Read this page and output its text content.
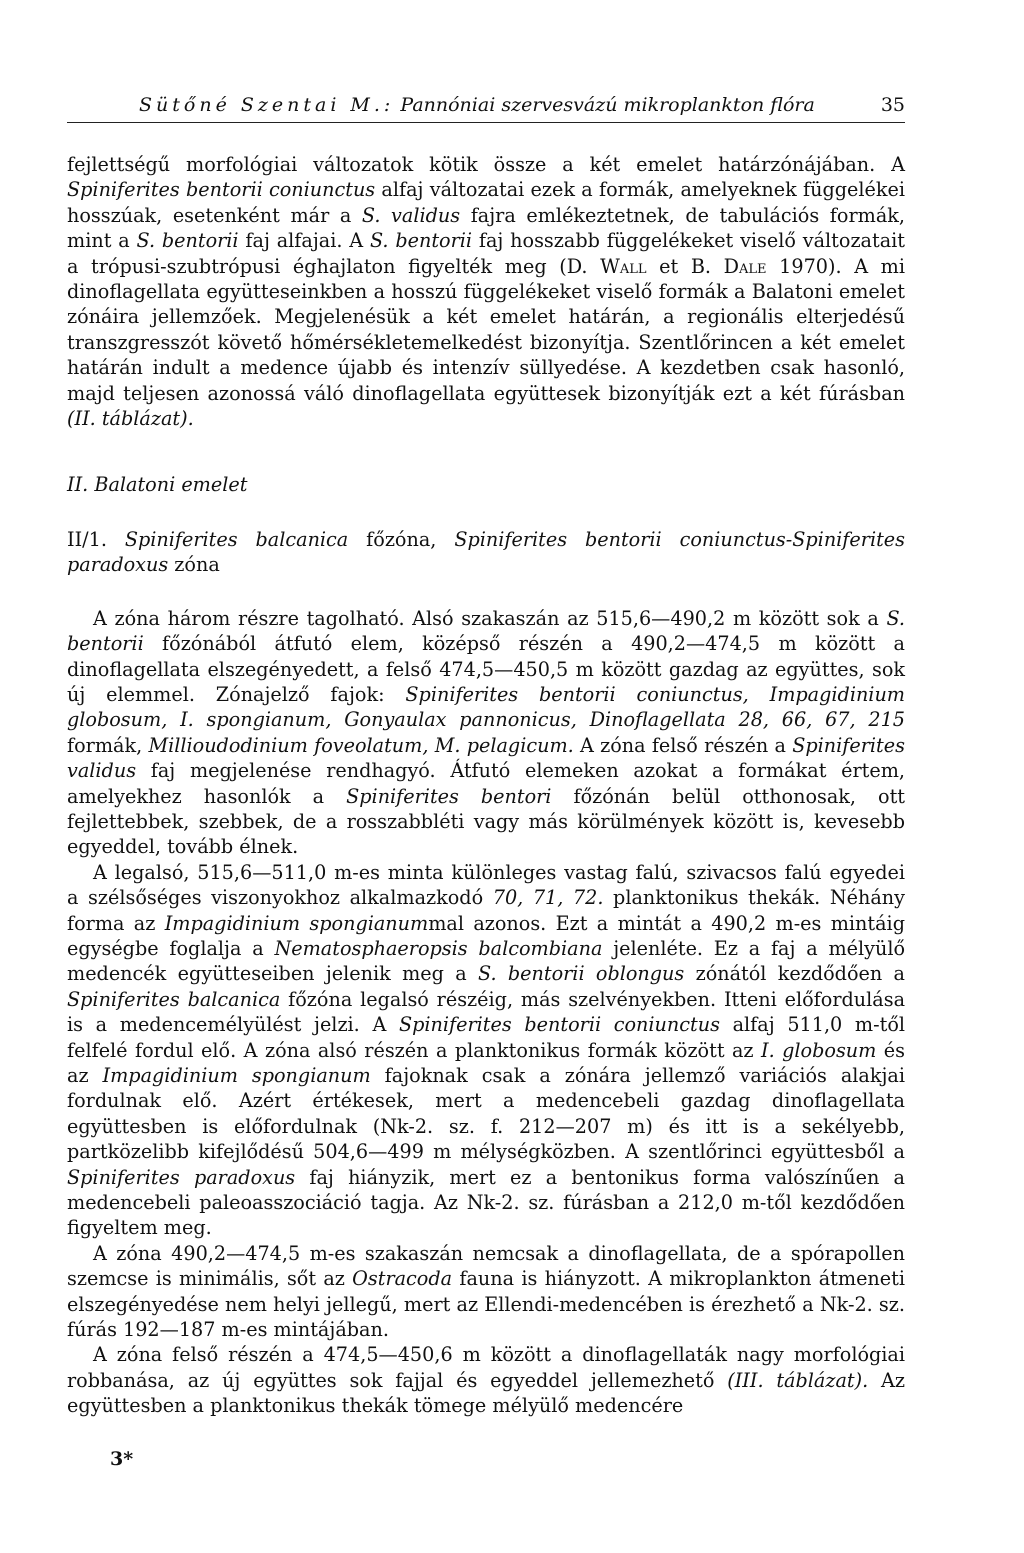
Sütőné Szentai M.: Pannóniai szervesvázú mikroplankton flóra	35

fejlettségű morfológiai változatok kötik össze a két emelet határzónájában. A Spiniferites bentorii coniunctus alfaj változatai ezek a formák, amelyeknek függelékei hosszúak, esetenként már a S. validus fajra emlékeztetnek, de tabulációs formák, mint a S. bentorii faj alfajai. A S. bentorii faj hosszabb függelékeket viselő változatait a trópusi-szubtrópusi éghajlaton figyelték meg (D. Wall et B. Dale 1970). A mi dinoflagellata együtteseinkben a hosszú függelékeket viselő formák a Balatoni emelet zónáira jellemzőek. Megjelenésük a két emelet határán, a regionális elterjedésű transzgresszót követő hőmérsékletemelkedést bizonyítja. Szentlőrincen a két emelet határán indult a medence újabb és intenzív süllyedése. A kezdetben csak hasonló, majd teljesen azonossá váló dinoflagellata együttesek bizonyítják ezt a két fúrásban (II. táblázat).

II. Balatoni emelet
II/1. Spiniferites balcanica főzóna, Spiniferites bentorii coniunctus-Spiniferites paradoxus zóna

A zóna három részre tagolható. Alsó szakaszán az 515,6—490,2 m között sok a S. bentorii főzónából átfutó elem, középső részén a 490,2—474,5 m között a dinoflagellata elszegényedett, a felső 474,5—450,5 m között gazdag az együttes, sok új elemmel. Zónajelző fajok: Spiniferites bentorii coniunctus, Impagidinium globosum, I. spongianum, Gonyaulax pannonicus, Dinoflagellata 28, 66, 67, 215 formák, Millioudodinium foveolatum, M. pelagicum. A zóna felső részén a Spiniferites validus faj megjelenése rendhagyó. Átfutó elemeken azokat a formákat értem, amelyekhez hasonlók a Spiniferites bentori főzónán belül otthonosak, ott fejlettebbek, szebbek, de a rosszabbléti vagy más körülmények között is, kevesebb egyeddel, tovább élnek.

A legalsó, 515,6—511,0 m-es minta különleges vastag falú, szivacsos falú egyedei a szélsőséges viszonyokhoz alkalmazkodó 70, 71, 72. planktonikus thekák. Néhány forma az Impagidinium spongianummal azonos. Ezt a mintát a 490,2 m-es mintáig egységbe foglalja a Nematosphaeropsis balcombiana jelenléte. Ez a faj a mélyülő medencék együtteseiben jelenik meg a S. bentorii oblongus zónától kezdődően a Spiniferites balcanica főzóna legalsó részéig, más szelvényekben. Itteni előfordulása is a medencemélyülést jelzi. A Spiniferites bentorii coniunctus alfaj 511,0 m-től felfelé fordul elő. A zóna alsó részén a planktonikus formák között az I. globosum és az Impagidinium spongianum fajoknak csak a zónára jellemző variációs alakjai fordulnak elő. Azért értékesek, mert a medencebeli gazdag dinoflagellata együttesben is előfordulnak (Nk-2. sz. f. 212—207 m) és itt is a sekélyebb, partközelibb kifejlődésű 504,6—499 m mélységközben. A szentlőrinci együttesből a Spiniferites paradoxus faj hiányzik, mert ez a bentonikus forma valószínűen a medencebeli paleoasszociáció tagja. Az Nk-2. sz. fúrásban a 212,0 m-től kezdődően figyeltem meg.

A zóna 490,2—474,5 m-es szakaszán nemcsak a dinoflagellata, de a spórapollen szemcse is minimális, sőt az Ostracoda fauna is hiányzott. A mikroplankton átmeneti elszegényedése nem helyi jellegű, mert az Ellendi-medencében is érezhető a Nk-2. sz. fúrás 192—187 m-es mintájában.

A zóna felső részén a 474,5—450,6 m között a dinoflagellaták nagy morfológiai robbanása, az új együttes sok fajjal és egyeddel jellemezhető (III. táblázat). Az együttesben a planktonikus thekák tömege mélyülő medencére

3*
